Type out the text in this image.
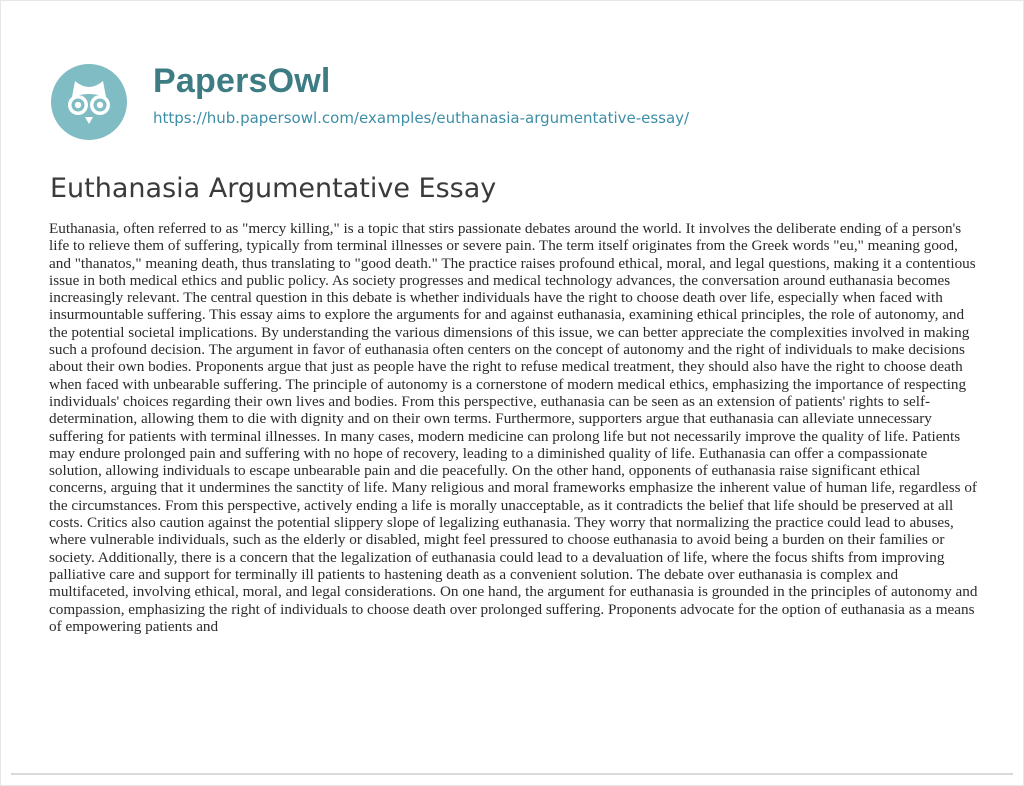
PapersOwl
https://hub.papersowl.com/examples/euthanasia-argumentative-essay/
Euthanasia Argumentative Essay

Euthanasia, often referred to as "mercy killing," is a topic that stirs passionate debates around the world. It involves the deliberate ending of a person's life to relieve them of suffering, typically from terminal illnesses or severe pain. The term itself originates from the Greek words "eu," meaning good, and "thanatos," meaning death, thus translating to "good death." The practice raises profound ethical, moral, and legal questions, making it a contentious issue in both medical ethics and public policy. As society progresses and medical technology advances, the conversation around euthanasia becomes increasingly relevant. The central question in this debate is whether individuals have the right to choose death over life, especially when faced with insurmountable suffering. This essay aims to explore the arguments for and against euthanasia, examining ethical principles, the role of autonomy, and the potential societal implications. By understanding the various dimensions of this issue, we can better appreciate the complexities involved in making such a profound decision. The argument in favor of euthanasia often centers on the concept of autonomy and the right of individuals to make decisions about their own bodies. Proponents argue that just as people have the right to refuse medical treatment, they should also have the right to choose death when faced with unbearable suffering. The principle of autonomy is a cornerstone of modern medical ethics, emphasizing the importance of respecting individuals' choices regarding their own lives and bodies. From this perspective, euthanasia can be seen as an extension of patients' rights to self-determination, allowing them to die with dignity and on their own terms. Furthermore, supporters argue that euthanasia can alleviate unnecessary suffering for patients with terminal illnesses. In many cases, modern medicine can prolong life but not necessarily improve the quality of life. Patients may endure prolonged pain and suffering with no hope of recovery, leading to a diminished quality of life. Euthanasia can offer a compassionate solution, allowing individuals to escape unbearable pain and die peacefully. On the other hand, opponents of euthanasia raise significant ethical concerns, arguing that it undermines the sanctity of life. Many religious and moral frameworks emphasize the inherent value of human life, regardless of the circumstances. From this perspective, actively ending a life is morally unacceptable, as it contradicts the belief that life should be preserved at all costs. Critics also caution against the potential slippery slope of legalizing euthanasia. They worry that normalizing the practice could lead to abuses, where vulnerable individuals, such as the elderly or disabled, might feel pressured to choose euthanasia to avoid being a burden on their families or society. Additionally, there is a concern that the legalization of euthanasia could lead to a devaluation of life, where the focus shifts from improving palliative care and support for terminally ill patients to hastening death as a convenient solution. The debate over euthanasia is complex and multifaceted, involving ethical, moral, and legal considerations. On one hand, the argument for euthanasia is grounded in the principles of autonomy and compassion, emphasizing the right of individuals to choose death over prolonged suffering. Proponents advocate for the option of euthanasia as a means of empowering patients and
